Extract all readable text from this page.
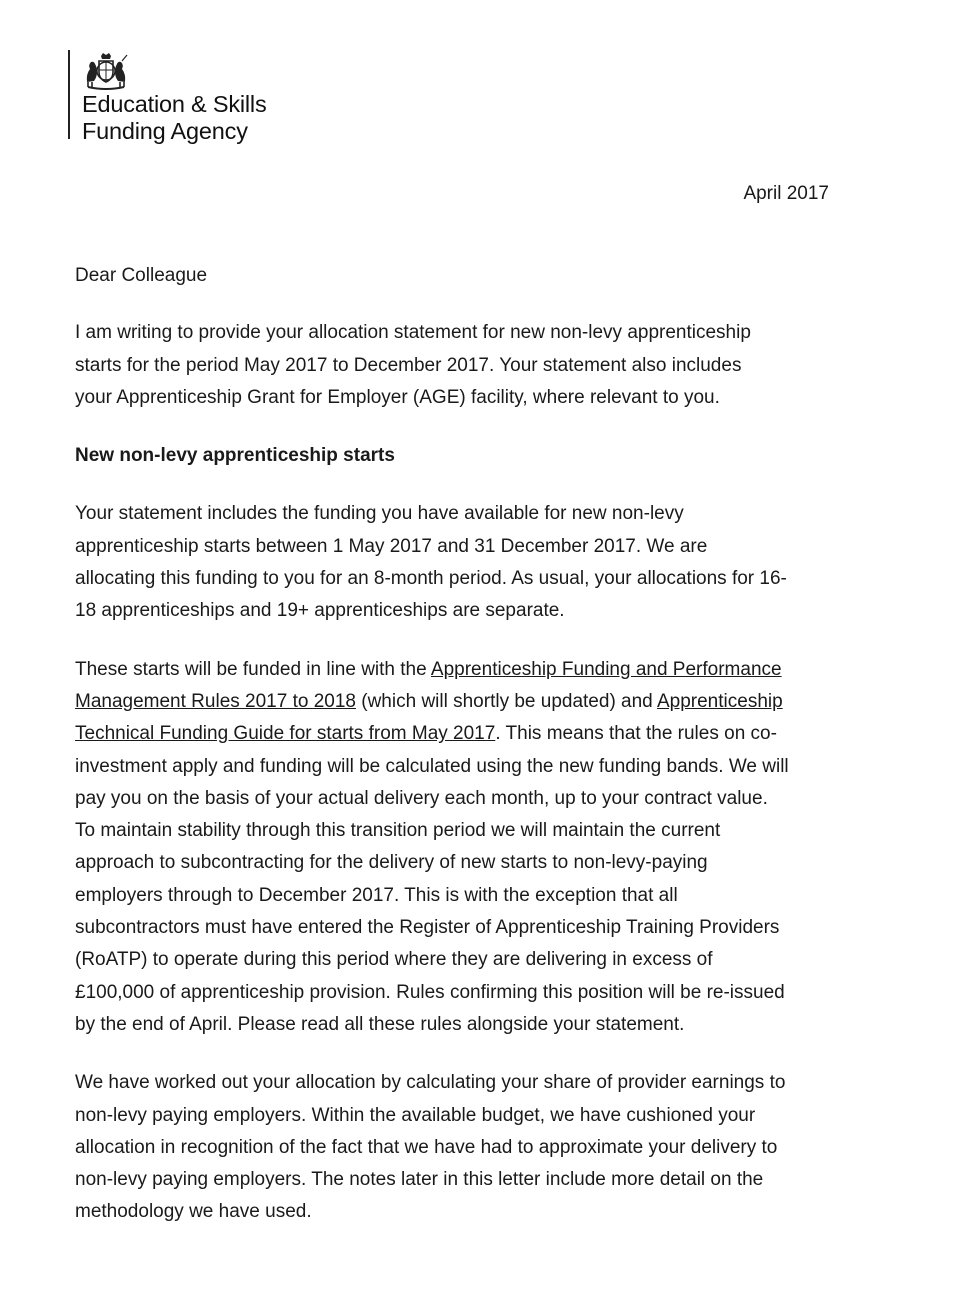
Education & Skills
Funding Agency
April 2017

Dear Colleague

I am writing to provide your allocation statement for new non-levy apprenticeship
starts for the period May 2017 to December 2017. Your statement also includes
your Apprenticeship Grant for Employer (AGE) facility, where relevant to you.

New non-levy apprenticeship starts

Your statement includes the funding you have available for new non-levy
apprenticeship starts between 1 May 2017 and 31 December 2017. We are
allocating this funding to you for an 8-month period. As usual, your allocations for 16-
18 apprenticeships and 19+ apprenticeships are separate.

These starts will be funded in line with the Apprenticeship Funding and Performance
Management Rules 2017 to 2018 (which will shortly be updated) and Apprenticeship
Technical Funding Guide for starts from May 2017. This means that the rules on co-
investment apply and funding will be calculated using the new funding bands. We will
pay you on the basis of your actual delivery each month, up to your contract value.
To maintain stability through this transition period we will maintain the current
approach to subcontracting for the delivery of new starts to non-levy-paying
employers through to December 2017. This is with the exception that all
subcontractors must have entered the Register of Apprenticeship Training Providers
(RoATP) to operate during this period where they are delivering in excess of
£100,000 of apprenticeship provision. Rules confirming this position will be re-issued
by the end of April. Please read all these rules alongside your statement.

We have worked out your allocation by calculating your share of provider earnings to
non-levy paying employers. Within the available budget, we have cushioned your
allocation in recognition of the fact that we have had to approximate your delivery to
non-levy paying employers. The notes later in this letter include more detail on the
methodology we have used.
